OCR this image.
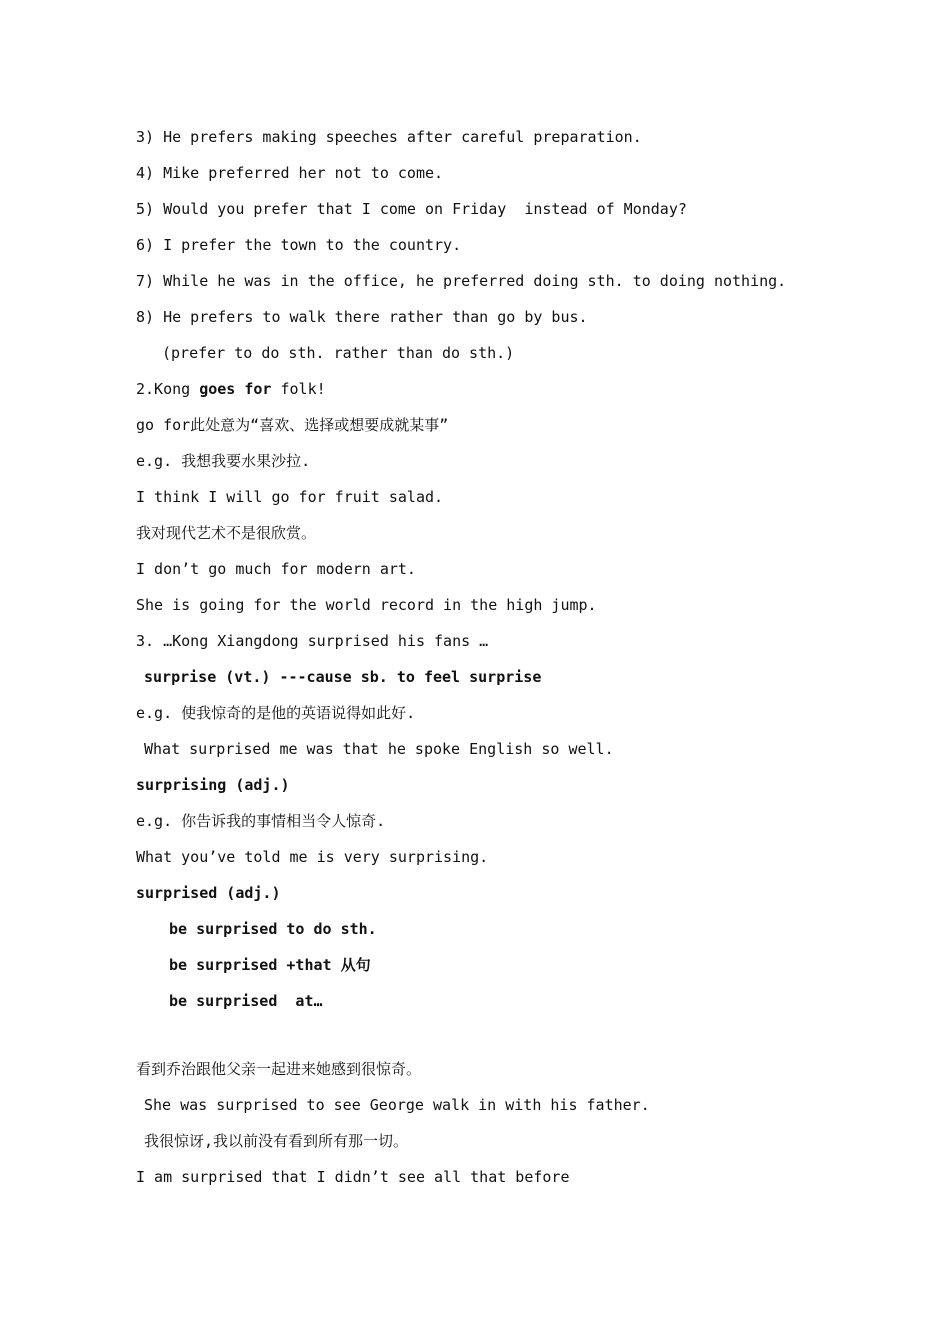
3) He prefers making speeches after careful preparation.
4) Mike preferred her not to come.
5) Would you prefer that I come on Friday  instead of Monday?
6) I prefer the town to the country.
7) While he was in the office, he preferred doing sth. to doing nothing.
8) He prefers to walk there rather than go by bus.
(prefer to do sth. rather than do sth.)
2.Kong goes for folk!
go for此处意为“喜欢、选择或想要成就某事”
e.g. 我想我要水果沙拉.
I think I will go for fruit salad.
我对现代艺术不是很欣赏。
I don’t go much for modern art.
She is going for the world record in the high jump.
3. …Kong Xiangdong surprised his fans …
surprise (vt.) ---cause sb. to feel surprise
e.g. 使我惊奇的是他的英语说得如此好.
What surprised me was that he spoke English so well.
surprising (adj.)
e.g. 你告诉我的事情相当令人惊奇.
What you’ve told me is very surprising.
surprised (adj.)
be surprised to do sth.
be surprised +that 从句
be surprised  at…
看到乔治跟他父亲一起进来她感到很惊奇。
She was surprised to see George walk in with his father.
我很惊讶,我以前没有看到所有那一切。
I am surprised that I didn’t see all that before
